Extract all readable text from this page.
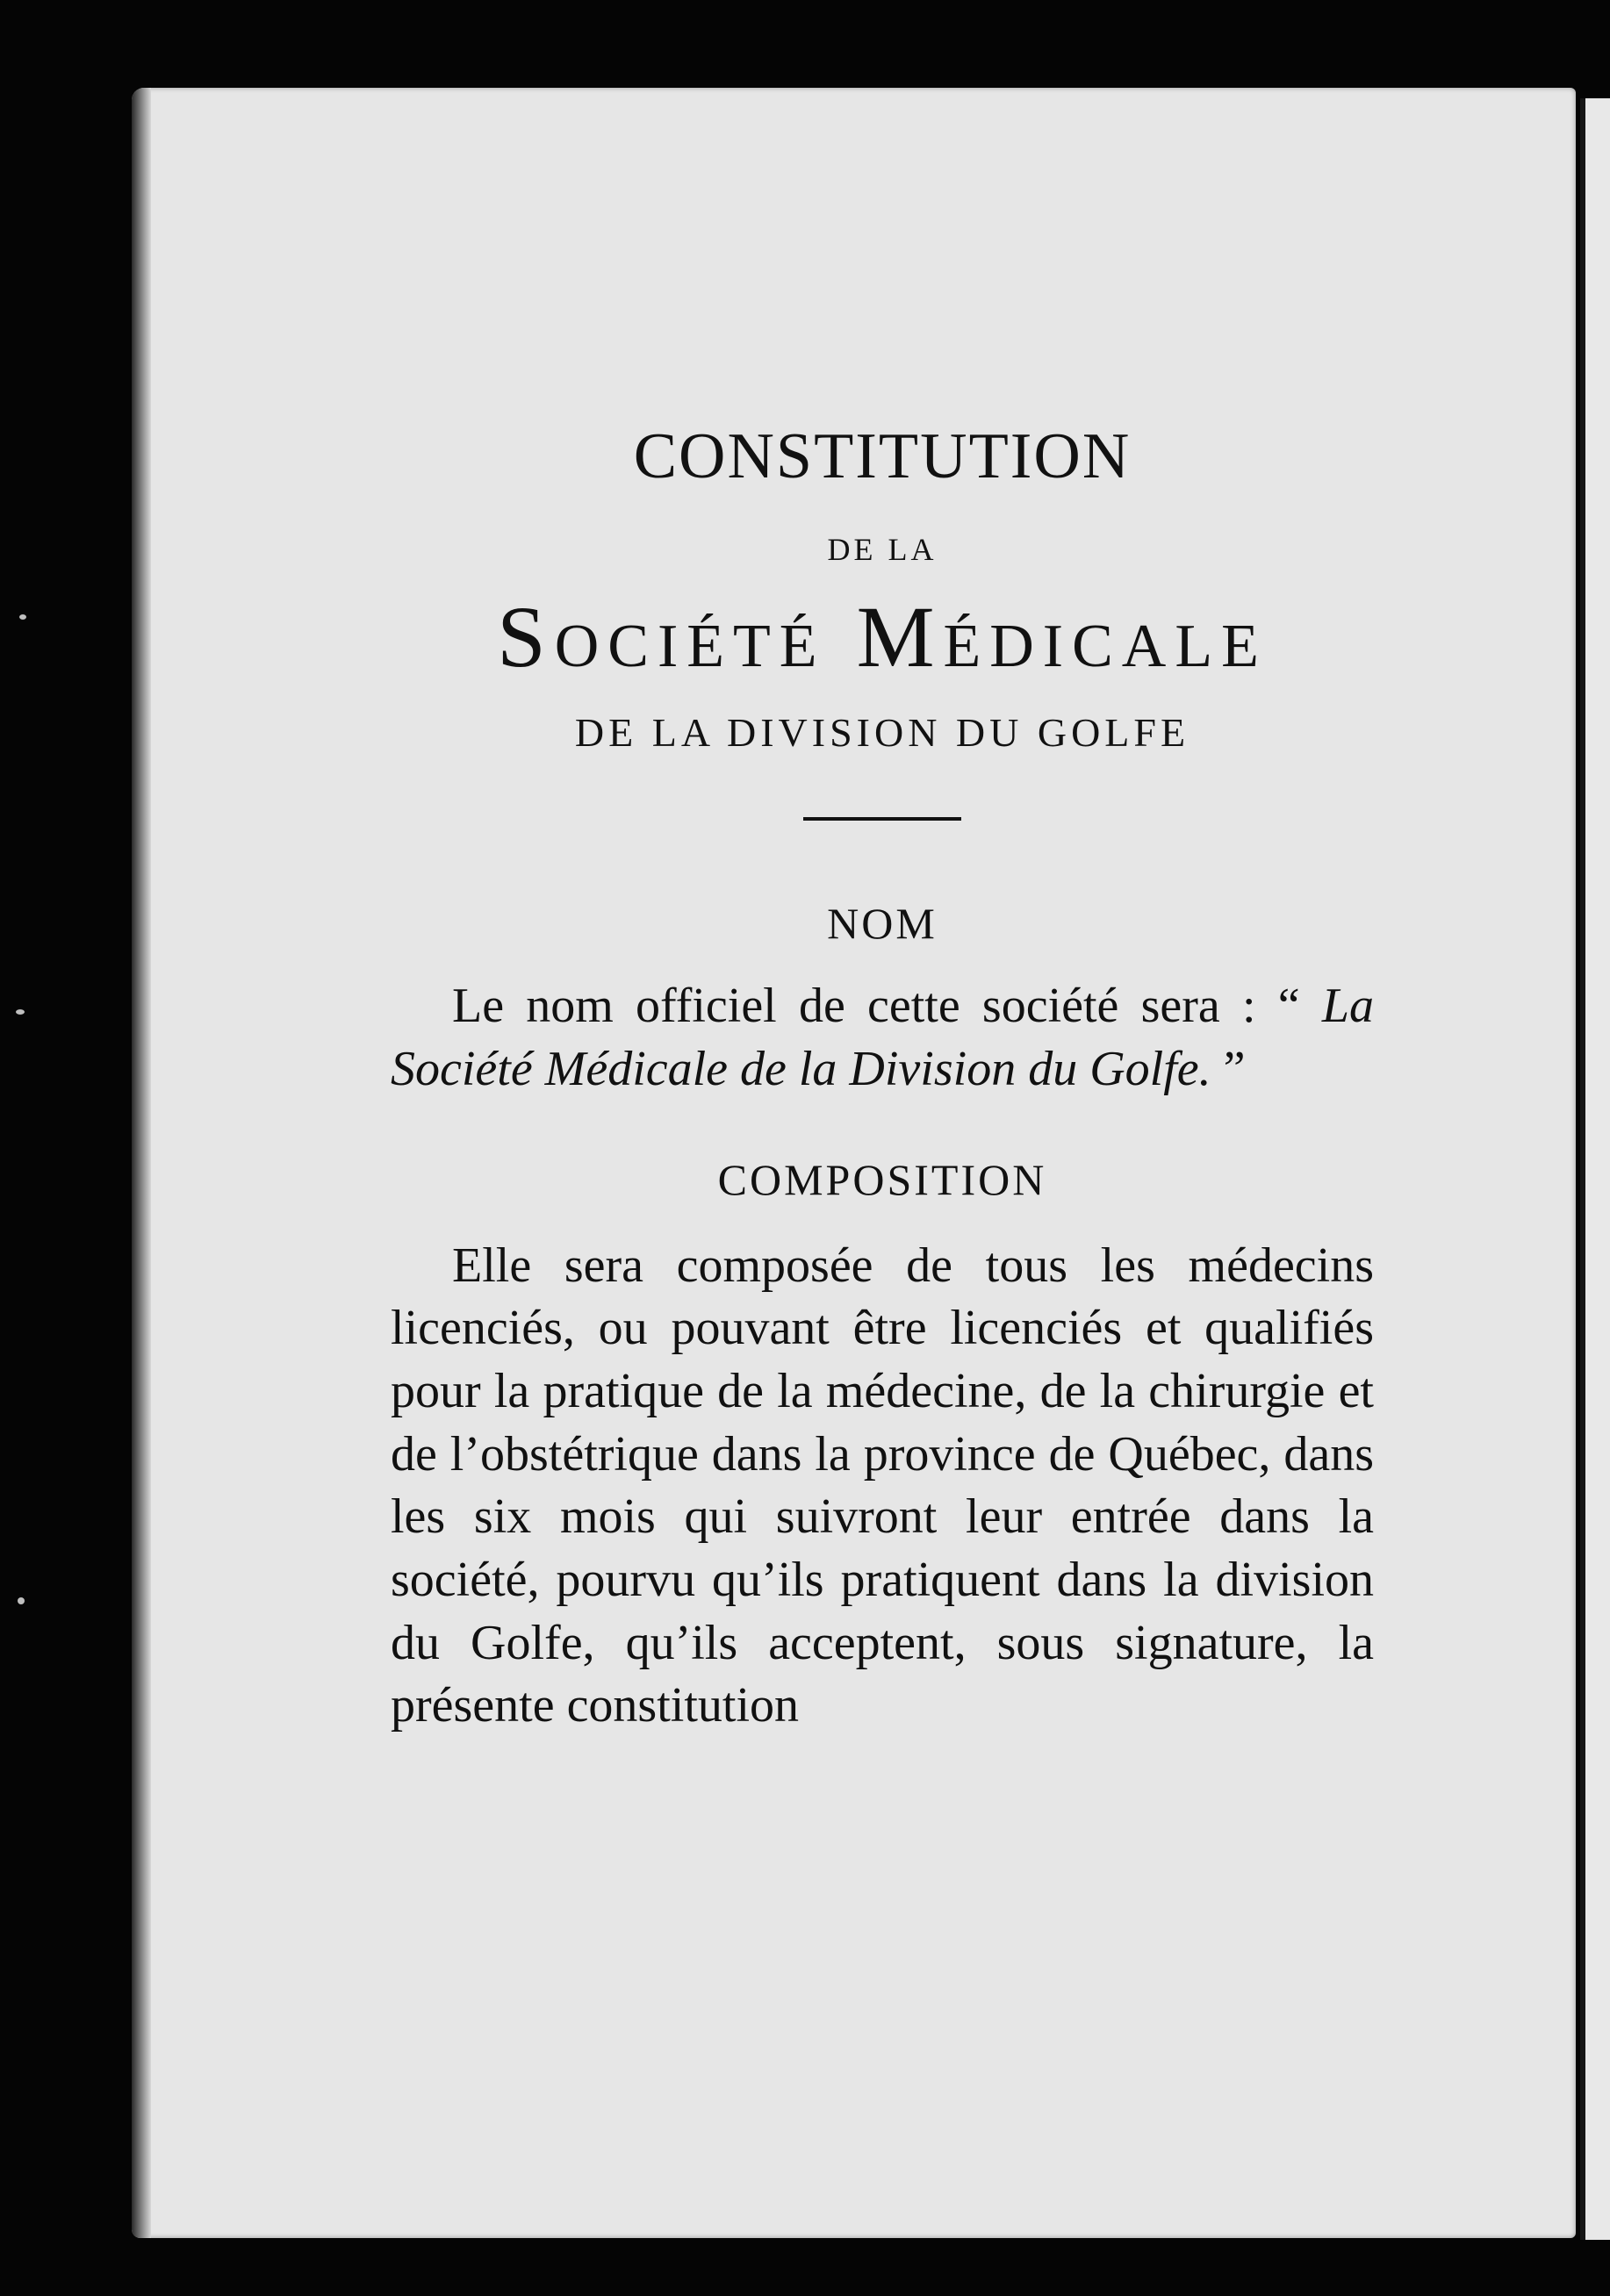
CONSTITUTION
DE LA
Société Médicale
DE LA DIVISION DU GOLFE
NOM

Le nom officiel de cette société sera : “ La Société Médicale de la Division du Golfe. ”

COMPOSITION

Elle sera composée de tous les médecins licenciés, ou pouvant être licenciés et qualifiés pour la pratique de la médecine, de la chirurgie et de l’obstétrique dans la province de Québec, dans les six mois qui suivront leur entrée dans la société, pourvu qu’ils pratiquent dans la division du Golfe, qu’ils acceptent, sous signature, la présente constitution
